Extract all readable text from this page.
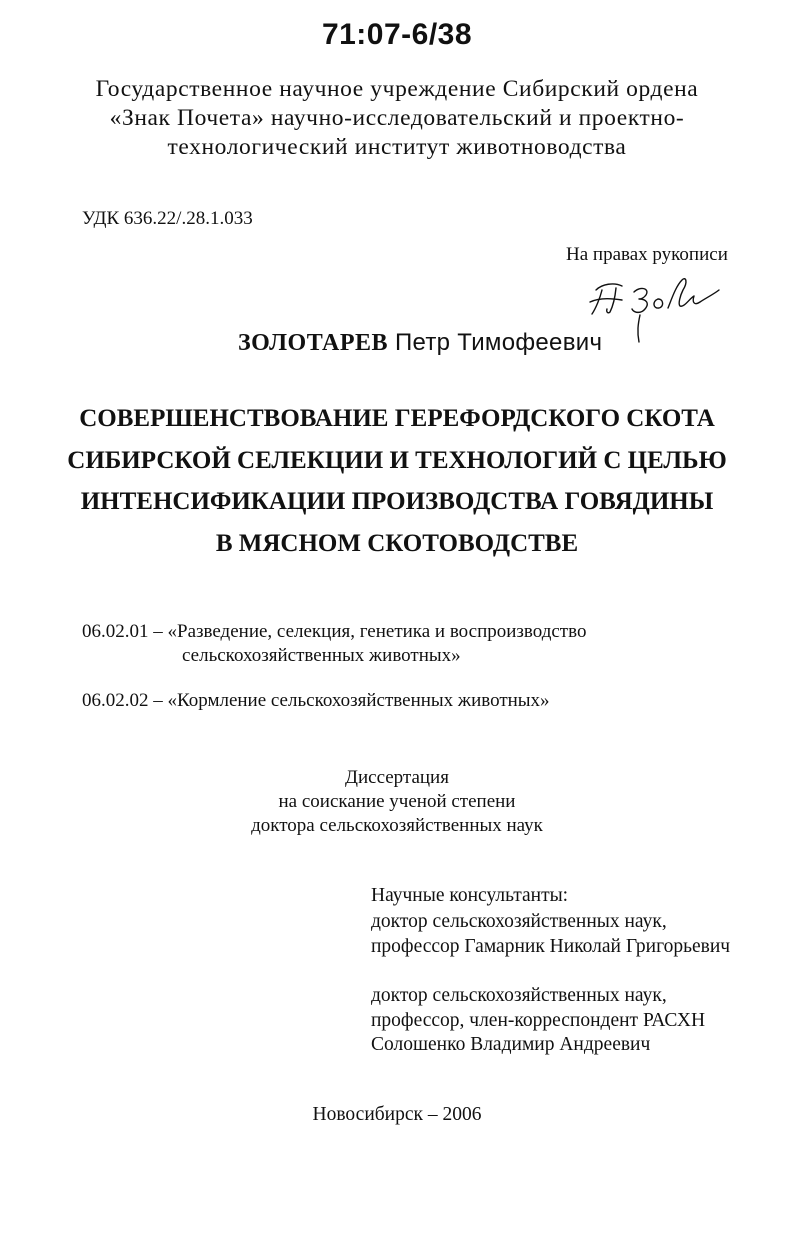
71:07-6/38
Государственное научное учреждение Сибирский ордена
«Знак Почета» научно-исследовательский и проектно-
технологический институт животноводства
УДК 636.22/.28.1.033
На правах рукописи
ЗОЛОТАРЕВ Петр Тимофеевич
СОВЕРШЕНСТВОВАНИЕ ГЕРЕФОРДСКОГО СКОТА
СИБИРСКОЙ СЕЛЕКЦИИ И ТЕХНОЛОГИЙ С ЦЕЛЬЮ
ИНТЕНСИФИКАЦИИ ПРОИЗВОДСТВА ГОВЯДИНЫ
В МЯСНОМ СКОТОВОДСТВЕ
06.02.01 – «Разведение, селекция, генетика и воспроизводство
сельскохозяйственных животных»
06.02.02 – «Кормление сельскохозяйственных животных»
Диссертация
на соискание ученой степени
доктора сельскохозяйственных наук
Научные консультанты:
доктор сельскохозяйственных наук,
профессор Гамарник Николай Григорьевич
доктор сельскохозяйственных наук,
профессор, член-корреспондент РАСХН
Солошенко Владимир Андреевич
Новосибирск – 2006
